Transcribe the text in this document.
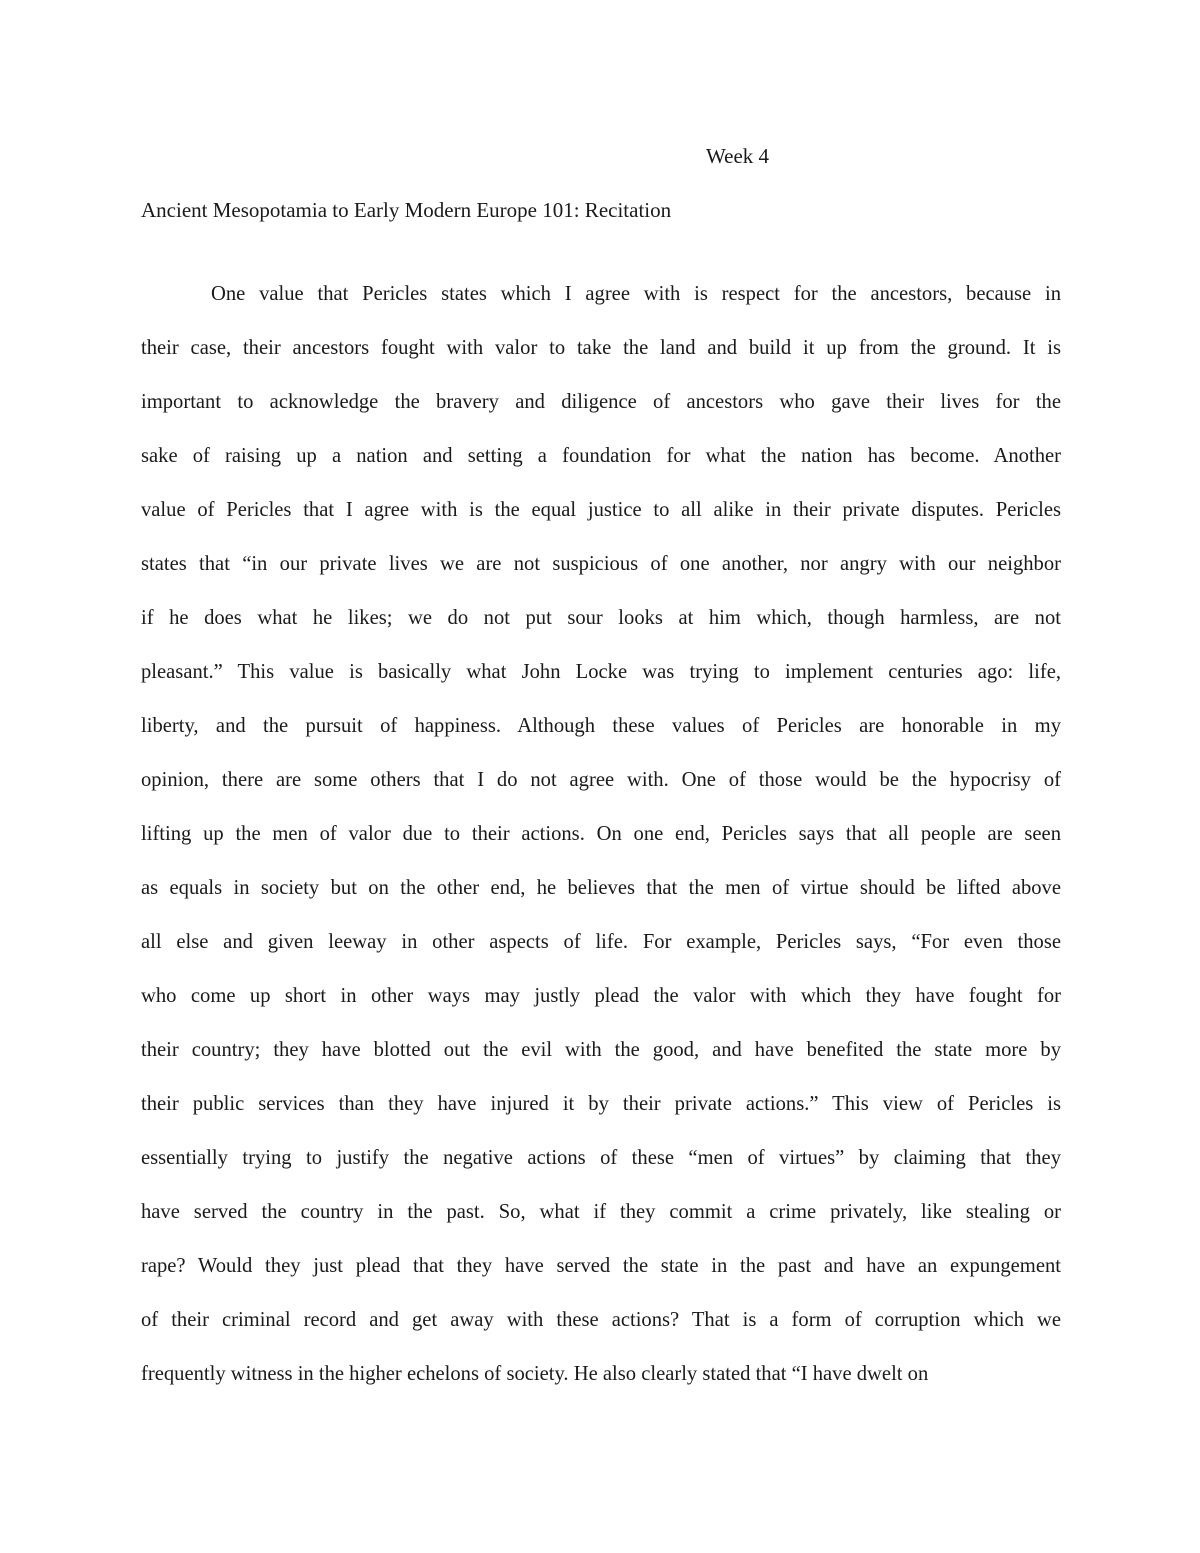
Week 4
Ancient Mesopotamia to Early Modern Europe 101: Recitation
One value that Pericles states which I agree with is respect for the ancestors, because in
their case, their ancestors fought with valor to take the land and build it up from the ground. It is
important to acknowledge the bravery and diligence of ancestors who gave their lives for the
sake of raising up a nation and setting a foundation for what the nation has become. Another
value of Pericles that I agree with is the equal justice to all alike in their private disputes. Pericles
states that “in our private lives we are not suspicious of one another, nor angry with our neighbor
if he does what he likes; we do not put sour looks at him which, though harmless, are not
pleasant.” This value is basically what John Locke was trying to implement centuries ago: life,
liberty, and the pursuit of happiness. Although these values of Pericles are honorable in my
opinion, there are some others that I do not agree with. One of those would be the hypocrisy of
lifting up the men of valor due to their actions. On one end, Pericles says that all people are seen
as equals in society but on the other end, he believes that the men of virtue should be lifted above
all else and given leeway in other aspects of life. For example, Pericles says, “For even those
who come up short in other ways may justly plead the valor with which they have fought for
their country; they have blotted out the evil with the good, and have benefited the state more by
their public services than they have injured it by their private actions.” This view of Pericles is
essentially trying to justify the negative actions of these “men of virtues” by claiming that they
have served the country in the past. So, what if they commit a crime privately, like stealing or
rape? Would they just plead that they have served the state in the past and have an expungement
of their criminal record and get away with these actions? That is a form of corruption which we
frequently witness in the higher echelons of society. He also clearly stated that “I have dwelt on
